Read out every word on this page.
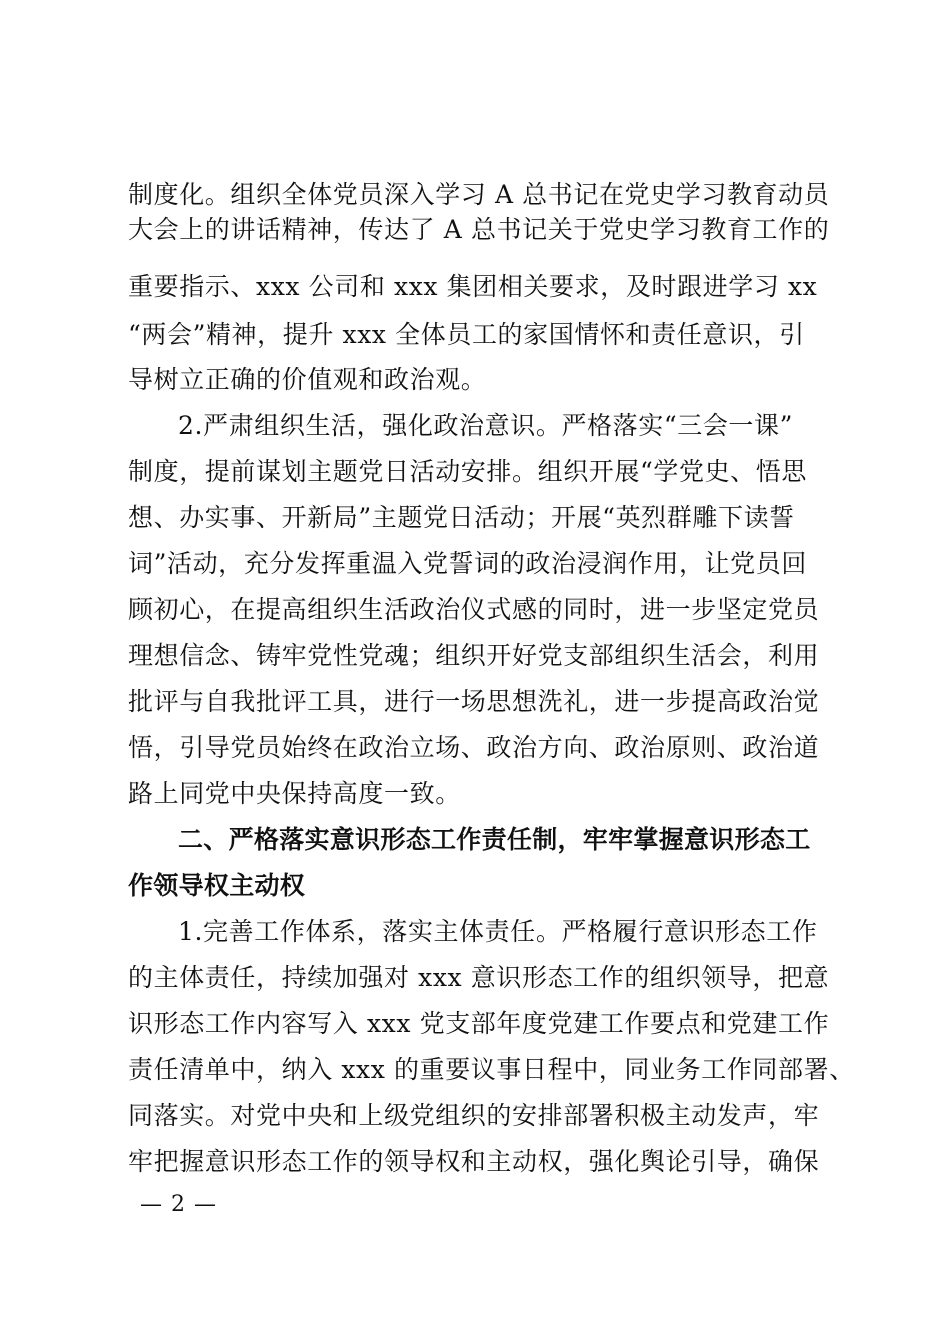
制度化。组织全体党员深入学习 A 总书记在党史学习教育动员
大会上的讲话精神，传达了 A 总书记关于党史学习教育工作的
重要指示、xxx 公司和 xxx 集团相关要求，及时跟进学习 xx
“两会”精神，提升 xxx 全体员工的家国情怀和责任意识，引
导树立正确的价值观和政治观。
2.严肃组织生活，强化政治意识。严格落实“三会一课”
制度，提前谋划主题党日活动安排。组织开展“学党史、悟思
想、办实事、开新局”主题党日活动；开展“英烈群雕下读誓
词”活动，充分发挥重温入党誓词的政治浸润作用，让党员回
顾初心，在提高组织生活政治仪式感的同时，进一步坚定党员
理想信念、铸牢党性党魂；组织开好党支部组织生活会，利用
批评与自我批评工具，进行一场思想洗礼，进一步提高政治觉
悟，引导党员始终在政治立场、政治方向、政治原则、政治道
路上同党中央保持高度一致。
二、严格落实意识形态工作责任制，牢牢掌握意识形态工
作领导权主动权
1.完善工作体系，落实主体责任。严格履行意识形态工作
的主体责任，持续加强对 xxx 意识形态工作的组织领导，把意
识形态工作内容写入 xxx 党支部年度党建工作要点和党建工作
责任清单中，纳入 xxx 的重要议事日程中，同业务工作同部署、
同落实。对党中央和上级党组织的安排部署积极主动发声，牢
牢把握意识形态工作的领导权和主动权，强化舆论引导，确保
— 2 —
